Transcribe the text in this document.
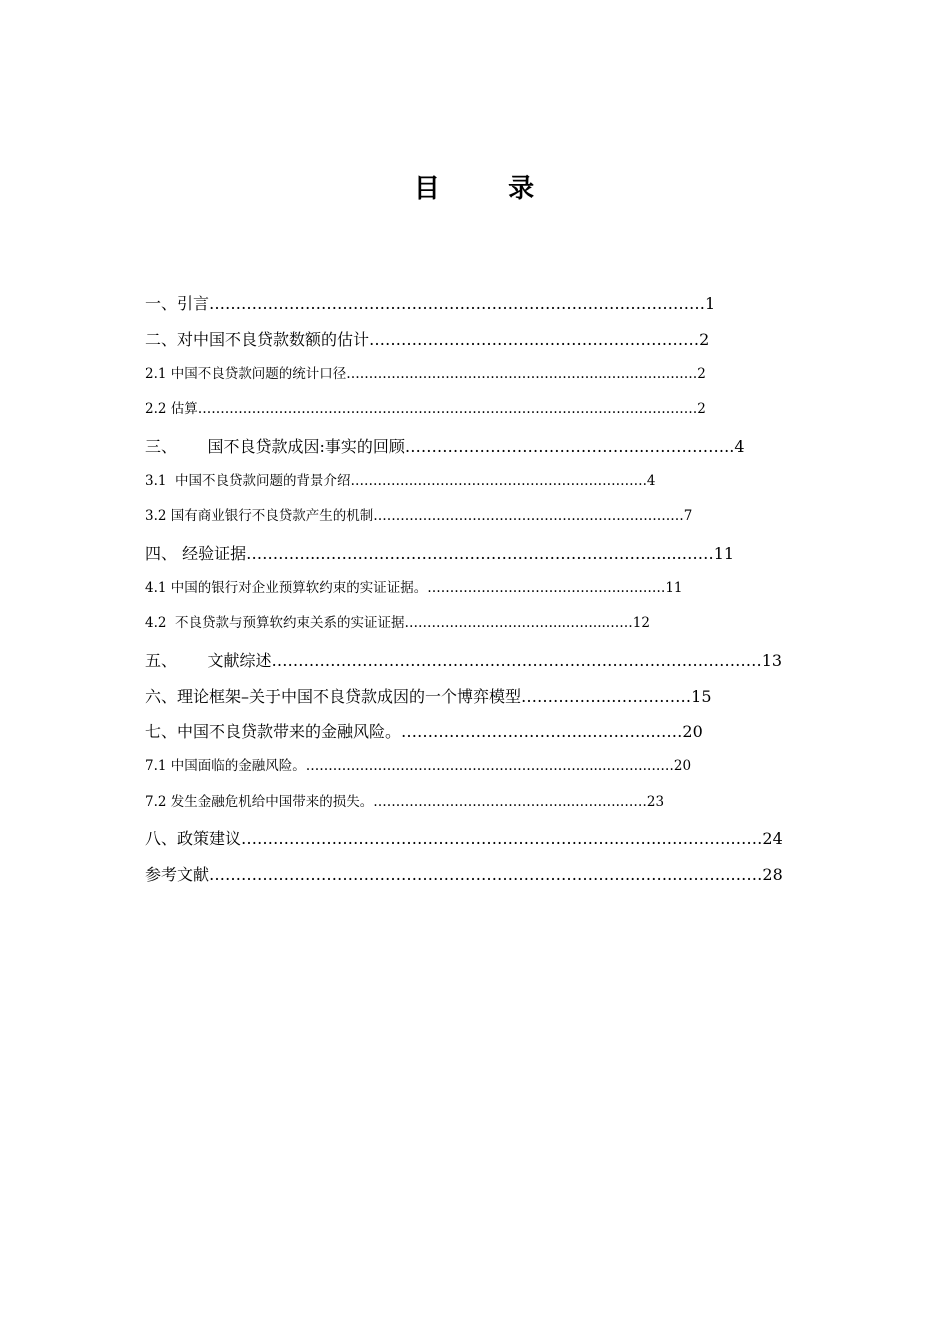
目      录
一、引言…………………………………………………………………………………1
二、对中国不良贷款数额的估计…………………………..…………………………2
2.1 中国不良贷款问题的统计口径……………………………………………………………………2
2.2 估算…………………………………………………………………………………………………2
三、      国不良贷款成因:事实的回顾……………………………………...……………..4
3.1  中国不良贷款问题的背景介绍…………..…………………………………………….4
3.2 国有商业银行不良贷款产生的机制……………………………………………………………7
四、 经验证据…………..……………………………………………………….....……11
4.1 中国的银行对企业预算软约束的实证证据。……………………………………..………11
4.2  不良贷款与预算软约束关系的实证证据……………………………...……...……12
五、      文献综述…………………………………..……………………………………………13
六、理论框架–关于中国不良贷款成因的一个博弈模型……………..……………15
七、中国不良贷款带来的金融风险。……………………………...………..……20
7.1 中国面临的金融风险。………………………………………………………...……….……20
7.2 发生金融危机给中国带来的损失。……………………………………...……….……23
八、政策建议……………………………………………………………..……..………….……24
参考文献……………………………………………………………………..……..……….……28
